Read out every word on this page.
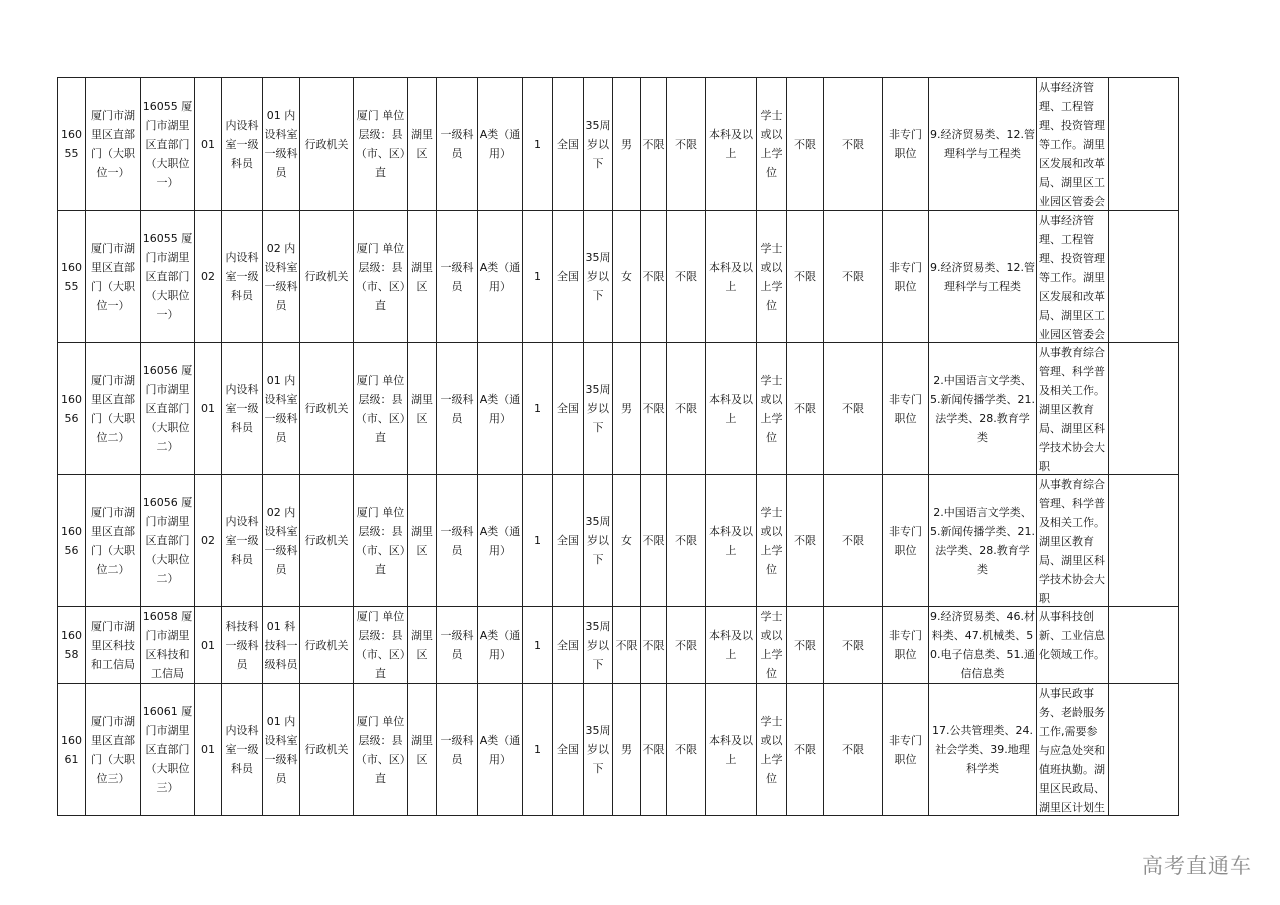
16055	厦门市湖里区直部门（大职位一）	16055 厦门市湖里区直部门（大职位一）	01	内设科室一级科员	01 内设科室一级科员	行政机关	厦门 单位层级：县（市、区）直	湖里区	一级科员	A类（通用）	1	全国	35周岁以下	男	不限	不限	本科及以上	学士或以上学位	不限	不限	非专门职位	9.经济贸易类、12.管理科学与工程类	从事经济管理、工程管理、投资管理等工作。湖里区发展和改革局、湖里区工业园区管委会	

16055	厦门市湖里区直部门（大职位一）	16055 厦门市湖里区直部门（大职位一）	02	内设科室一级科员	02 内设科室一级科员	行政机关	厦门 单位层级：县（市、区）直	湖里区	一级科员	A类（通用）	1	全国	35周岁以下	女	不限	不限	本科及以上	学士或以上学位	不限	不限	非专门职位	9.经济贸易类、12.管理科学与工程类	从事经济管理、工程管理、投资管理等工作。湖里区发展和改革局、湖里区工业园区管委会	

16056	厦门市湖里区直部门（大职位二）	16056 厦门市湖里区直部门（大职位二）	01	内设科室一级科员	01 内设科室一级科员	行政机关	厦门 单位层级：县（市、区）直	湖里区	一级科员	A类（通用）	1	全国	35周岁以下	男	不限	不限	本科及以上	学士或以上学位	不限	不限	非专门职位	2.中国语言文学类、5.新闻传播学类、21.法学类、28.教育学类	从事教育综合管理、科学普及相关工作。湖里区教育局、湖里区科学技术协会大职	

16056	厦门市湖里区直部门（大职位二）	16056 厦门市湖里区直部门（大职位二）	02	内设科室一级科员	02 内设科室一级科员	行政机关	厦门 单位层级：县（市、区）直	湖里区	一级科员	A类（通用）	1	全国	35周岁以下	女	不限	不限	本科及以上	学士或以上学位	不限	不限	非专门职位	2.中国语言文学类、5.新闻传播学类、21.法学类、28.教育学类	从事教育综合管理、科学普及相关工作。湖里区教育局、湖里区科学技术协会大职	

16058	厦门市湖里区科技和工信局	16058 厦门市湖里区科技和工信局	01	科技科一级科员	01 科技科一级科员	行政机关	厦门 单位层级：县（市、区）直	湖里区	一级科员	A类（通用）	1	全国	35周岁以下	不限	不限	不限	本科及以上	学士或以上学位	不限	不限	非专门职位	9.经济贸易类、46.材料类、47.机械类、50.电子信息类、51.通信信息类	从事科技创新、工业信息化领域工作。	

16061	厦门市湖里区直部门（大职位三）	16061 厦门市湖里区直部门（大职位三）	01	内设科室一级科员	01 内设科室一级科员	行政机关	厦门 单位层级：县（市、区）直	湖里区	一级科员	A类（通用）	1	全国	35周岁以下	男	不限	不限	本科及以上	学士或以上学位	不限	不限	非专门职位	17.公共管理类、24.社会学类、39.地理科学类	从事民政事务、老龄服务工作,需要参与应急处突和值班执勤。湖里区民政局、湖里区计划生	

高考直通车
